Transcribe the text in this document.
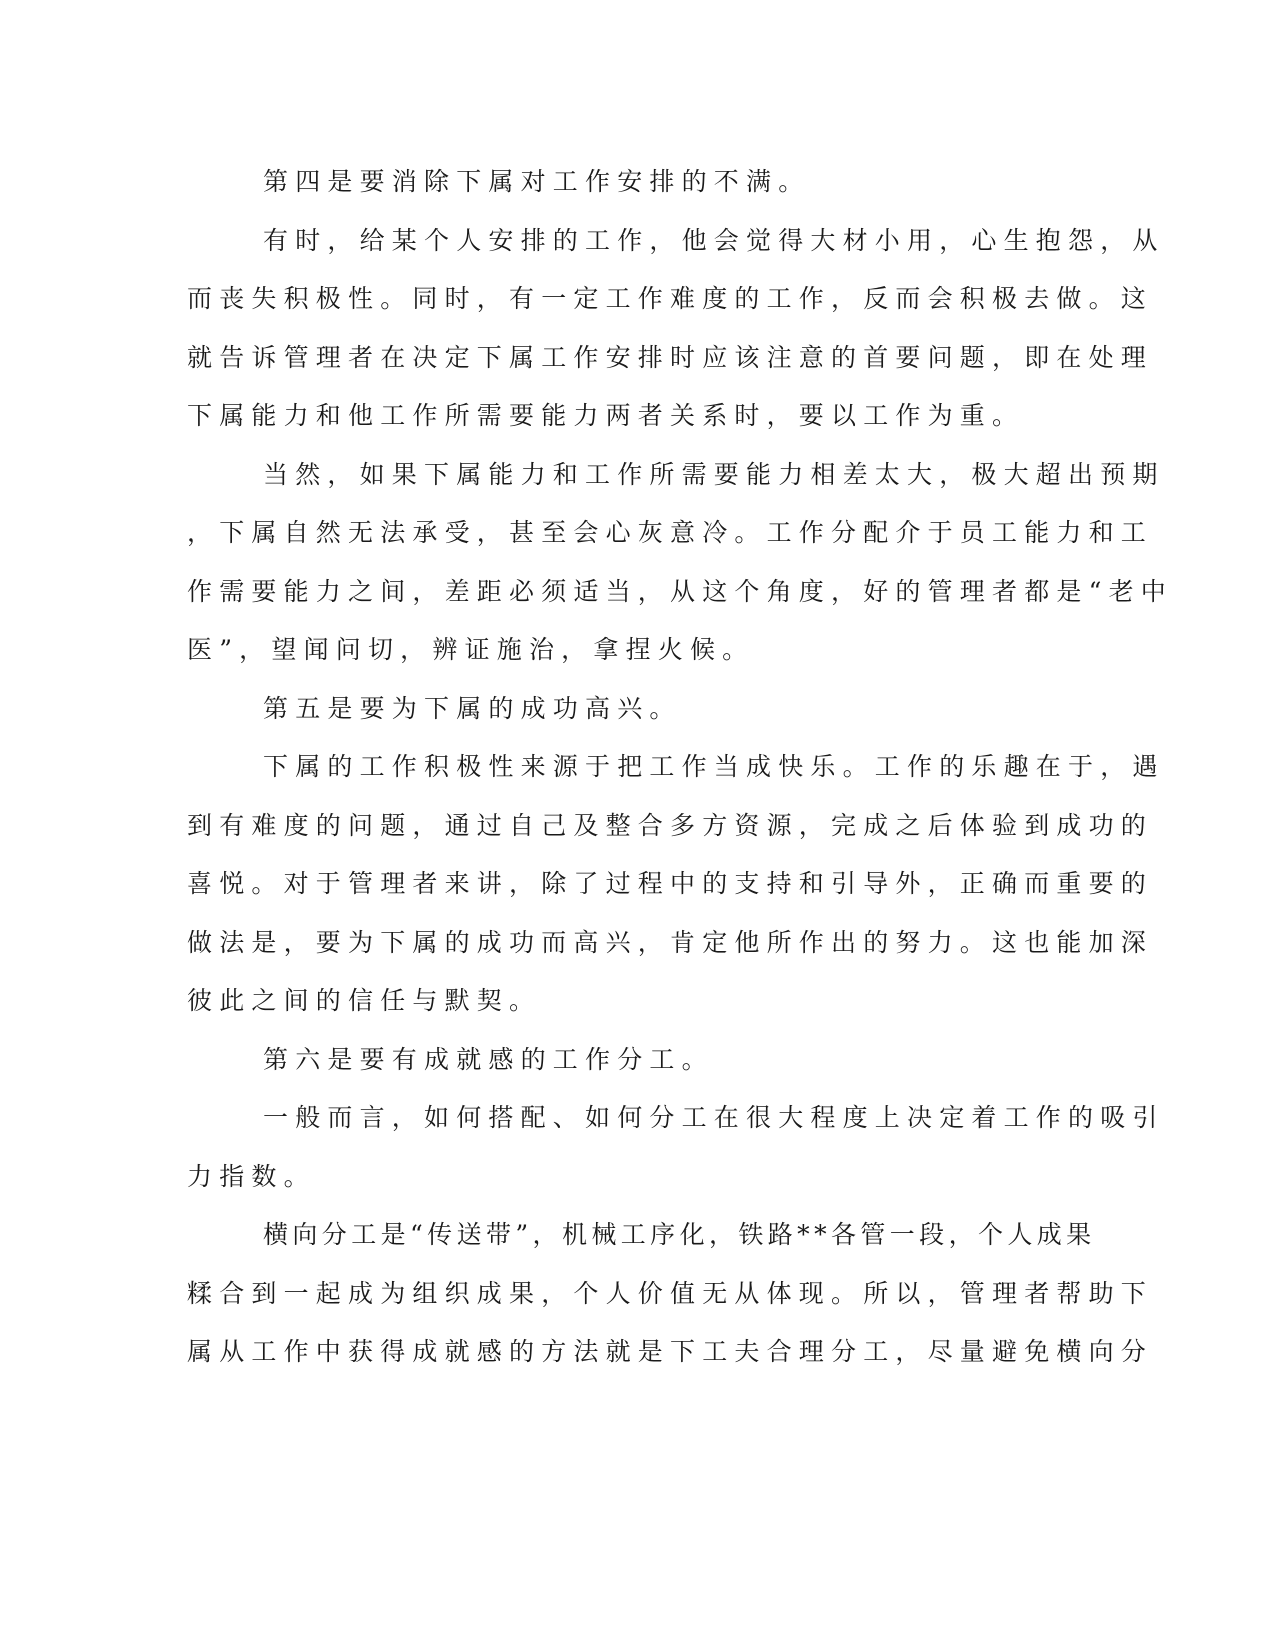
第四是要消除下属对工作安排的不满。

有时，给某个人安排的工作，他会觉得大材小用，心生抱怨，从

而丧失积极性。同时，有一定工作难度的工作，反而会积极去做。这

就告诉管理者在决定下属工作安排时应该注意的首要问题，即在处理

下属能力和他工作所需要能力两者关系时，要以工作为重。

当然，如果下属能力和工作所需要能力相差太大，极大超出预期

，下属自然无法承受，甚至会心灰意冷。工作分配介于员工能力和工

作需要能力之间，差距必须适当，从这个角度，好的管理者都是“老中

医”，望闻问切，辨证施治，拿捏火候。

第五是要为下属的成功高兴。

下属的工作积极性来源于把工作当成快乐。工作的乐趣在于，遇

到有难度的问题，通过自己及整合多方资源，完成之后体验到成功的

喜悦。对于管理者来讲，除了过程中的支持和引导外，正确而重要的

做法是，要为下属的成功而高兴，肯定他所作出的努力。这也能加深

彼此之间的信任与默契。

第六是要有成就感的工作分工。

一般而言，如何搭配、如何分工在很大程度上决定着工作的吸引

力指数。

横向分工是“传送带”，机械工序化，铁路**各管一段，个人成果

糅合到一起成为组织成果，个人价值无从体现。所以，管理者帮助下

属从工作中获得成就感的方法就是下工夫合理分工，尽量避免横向分
